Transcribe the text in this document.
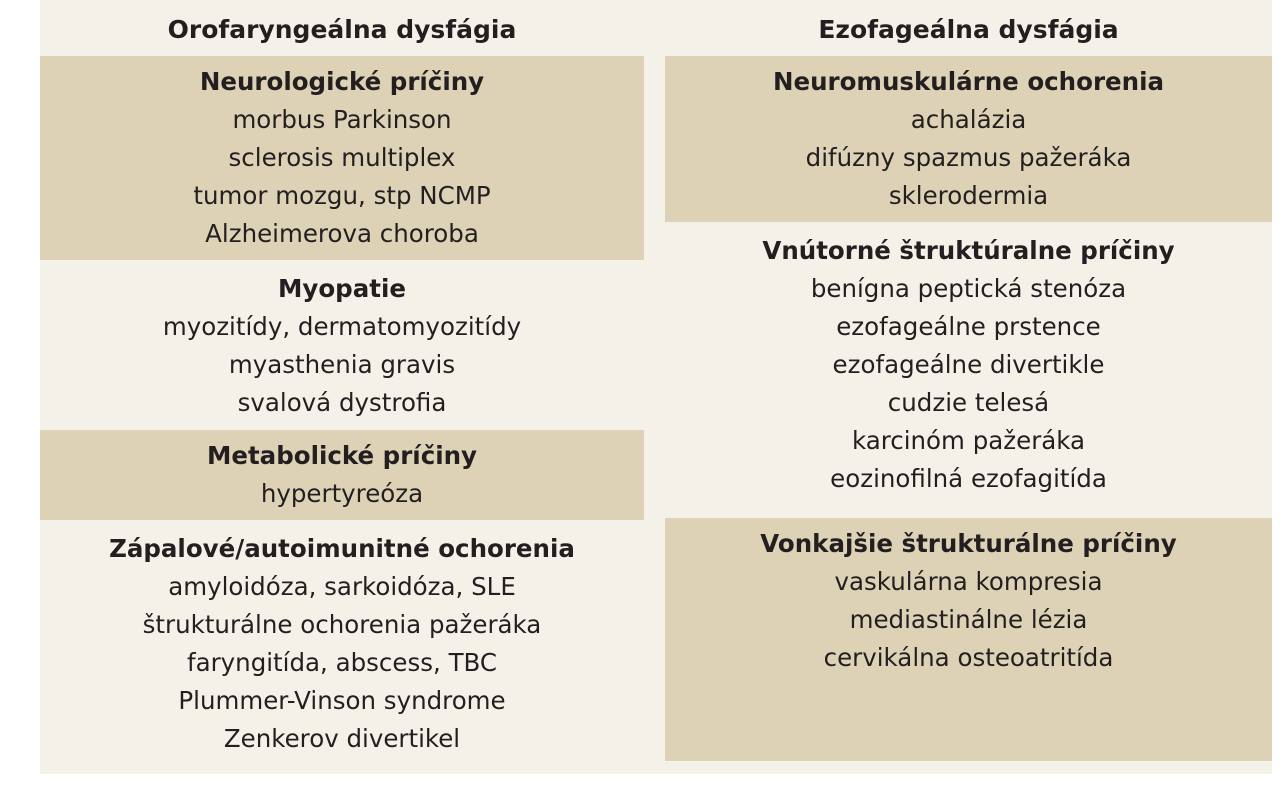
Orofaryngeálna dysfágia
Neurologické príčiny
morbus Parkinson
sclerosis multiplex
tumor mozgu, stp NCMP
Alzheimerova choroba
Myopatie
myozitídy, dermatomyozitídy
myasthenia gravis
svalová dystrofia
Metabolické príčiny
hypertyreóza
Zápalové/autoimunitné ochorenia
amyloidóza, sarkoidóza, SLE
štrukturálne ochorenia pažeráka
faryngitída, abscess, TBC
Plummer-Vinson syndrome
Zenkerov divertikel
Ezofageálna dysfágia
Neuromuskulárne ochorenia
achalázia
difúzny spazmus pažeráka
sklerodermia
Vnútorné štruktúralne príčiny
benígna peptická stenóza
ezofageálne prstence
ezofageálne divertikle
cudzie telesá
karcinóm pažeráka
eozinofilná ezofagitída
Vonkajšie štrukturálne príčiny
vaskulárna kompresia
mediastinálne lézia
cervikálna osteoatritída
